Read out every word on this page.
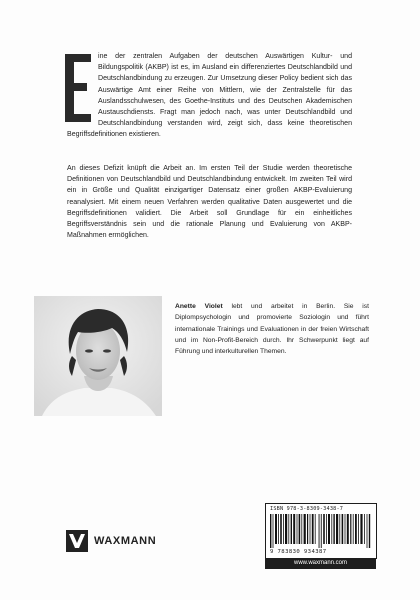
ine der zentralen Aufgaben der deutschen Auswärtigen Kultur- und Bildungspolitik (AKBP) ist es, im Ausland ein differenziertes Deutschlandbild und Deutschlandbindung zu erzeugen. Zur Umsetzung dieser Policy bedient sich das Auswärtige Amt einer Reihe von Mittlern, wie der Zentralstelle für das Auslandsschulwesen, des Goethe-Instituts und des Deutschen Akademischen Austauschdiensts. Fragt man jedoch nach, was unter Deutschlandbild und Deutschlandbindung verstanden wird, zeigt sich, dass keine theoretischen Begriffsdefinitionen existieren.

An dieses Defizit knüpft die Arbeit an. Im ersten Teil der Studie werden theoretische Definitionen von Deutschlandbild und Deutschlandbindung entwickelt. Im zweiten Teil wird ein in Größe und Qualität einzigartiger Datensatz einer großen AKBP-Evaluierung reanalysiert. Mit einem neuen Verfahren werden qualitative Daten ausgewertet und die Begriffsdefinitionen validiert. Die Arbeit soll Grundlage für ein einheitliches Begriffsverständnis sein und die rationale Planung und Evaluierung von AKBP-Maßnahmen ermöglichen.

Anette Violet lebt und arbeitet in Berlin. Sie ist Diplompsychologin und promovierte Soziologin und führt internationale Trainings und Evaluationen in der freien Wirtschaft und im Non-Profit-Bereich durch. Ihr Schwerpunkt liegt auf Führung und interkulturellen Themen.
WAXMANN
ISBN 978-3-8309-3438-7
9 783830 934387
www.waxmann.com
